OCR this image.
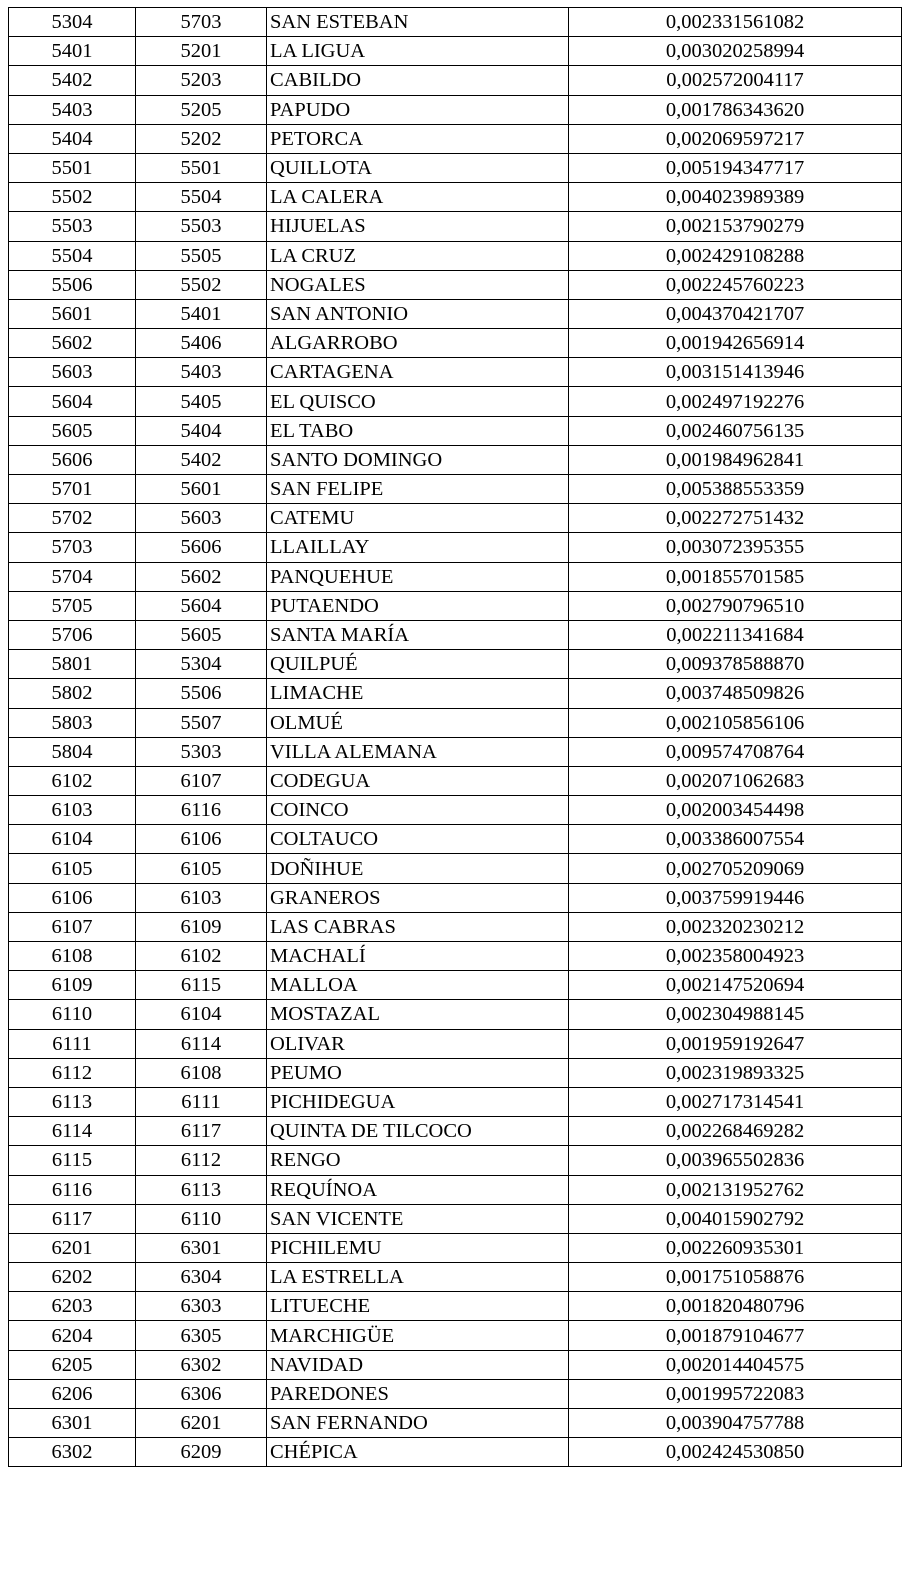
5304	5703	SAN ESTEBAN	0,002331561082
5401	5201	LA LIGUA	0,003020258994
5402	5203	CABILDO	0,002572004117
5403	5205	PAPUDO	0,001786343620
5404	5202	PETORCA	0,002069597217
5501	5501	QUILLOTA	0,005194347717
5502	5504	LA CALERA	0,004023989389
5503	5503	HIJUELAS	0,002153790279
5504	5505	LA CRUZ	0,002429108288
5506	5502	NOGALES	0,002245760223
5601	5401	SAN ANTONIO	0,004370421707
5602	5406	ALGARROBO	0,001942656914
5603	5403	CARTAGENA	0,003151413946
5604	5405	EL QUISCO	0,002497192276
5605	5404	EL TABO	0,002460756135
5606	5402	SANTO DOMINGO	0,001984962841
5701	5601	SAN FELIPE	0,005388553359
5702	5603	CATEMU	0,002272751432
5703	5606	LLAILLAY	0,003072395355
5704	5602	PANQUEHUE	0,001855701585
5705	5604	PUTAENDO	0,002790796510
5706	5605	SANTA MARÍA	0,002211341684
5801	5304	QUILPUÉ	0,009378588870
5802	5506	LIMACHE	0,003748509826
5803	5507	OLMUÉ	0,002105856106
5804	5303	VILLA ALEMANA	0,009574708764
6102	6107	CODEGUA	0,002071062683
6103	6116	COINCO	0,002003454498
6104	6106	COLTAUCO	0,003386007554
6105	6105	DOÑIHUE	0,002705209069
6106	6103	GRANEROS	0,003759919446
6107	6109	LAS CABRAS	0,002320230212
6108	6102	MACHALÍ	0,002358004923
6109	6115	MALLOA	0,002147520694
6110	6104	MOSTAZAL	0,002304988145
6111	6114	OLIVAR	0,001959192647
6112	6108	PEUMO	0,002319893325
6113	6111	PICHIDEGUA	0,002717314541
6114	6117	QUINTA DE TILCOCO	0,002268469282
6115	6112	RENGO	0,003965502836
6116	6113	REQUÍNOA	0,002131952762
6117	6110	SAN VICENTE	0,004015902792
6201	6301	PICHILEMU	0,002260935301
6202	6304	LA ESTRELLA	0,001751058876
6203	6303	LITUECHE	0,001820480796
6204	6305	MARCHIGÜE	0,001879104677
6205	6302	NAVIDAD	0,002014404575
6206	6306	PAREDONES	0,001995722083
6301	6201	SAN FERNANDO	0,003904757788
6302	6209	CHÉPICA	0,002424530850
